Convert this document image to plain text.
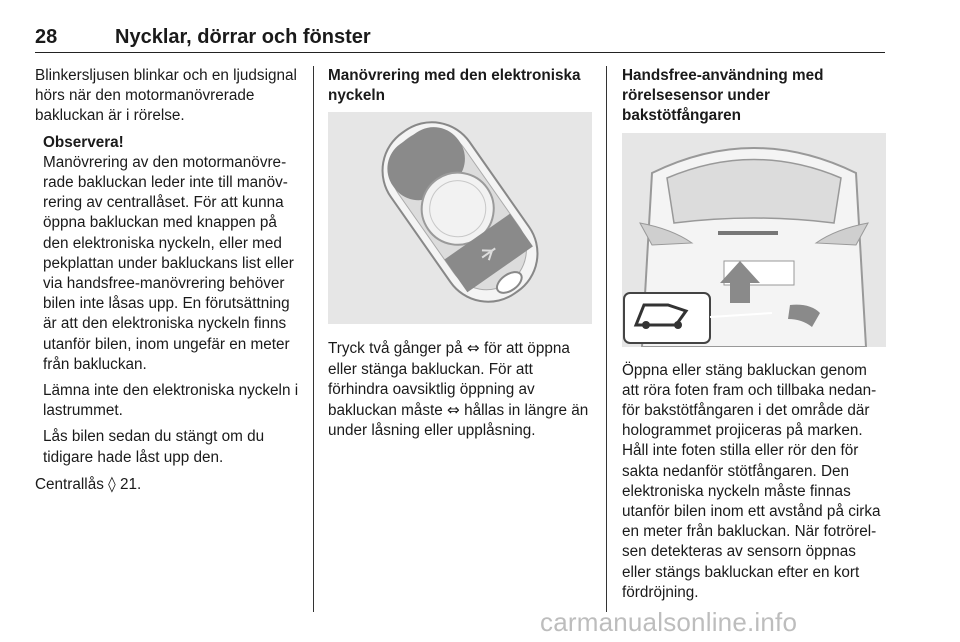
28	Nycklar, dörrar och fönster

Blinkersljusen blinkar och en ljudsignal hörs när den motormanövrerade bakluckan är i rörelse.

Observera!

Manövrering av den motormanövrerade bakluckan leder inte till manövrering av centrallåset. För att kunna öppna bakluckan med knappen på den elektroniska nyckeln, eller med pekplattan under bakluckans list eller via handsfree-manövrering behöver bilen inte låsas upp. En förutsättning är att den elektroniska nyckeln finns utanför bilen, inom ungefär en meter från bakluckan.

Lämna inte den elektroniska nyckeln i lastrummet.

Lås bilen sedan du stängt om du tidigare hade låst upp den.

Centrallås ◊ 21.

Manövrering med den elektroniska nyckeln

Tryck två gånger på ⇔ för att öppna eller stänga bakluckan. För att förhindra oavsiktlig öppning av bakluckan måste ⇔ hållas in längre än under låsning eller upplåsning.

Handsfree-användning med rörelsesensor under bakstötfångaren

Öppna eller stäng bakluckan genom att röra foten fram och tillbaka nedanför bakstötfångaren i det område där hologrammet projiceras på marken. Håll inte foten stilla eller rör den för sakta nedanför stötfångaren. Den elektroniska nyckeln måste finnas utanför bilen inom ett avstånd på cirka en meter från bakluckan. När fotrörelsen detekteras av sensorn öppnas eller stängs bakluckan efter en kort fördröjning.

carmanualsonline.info
